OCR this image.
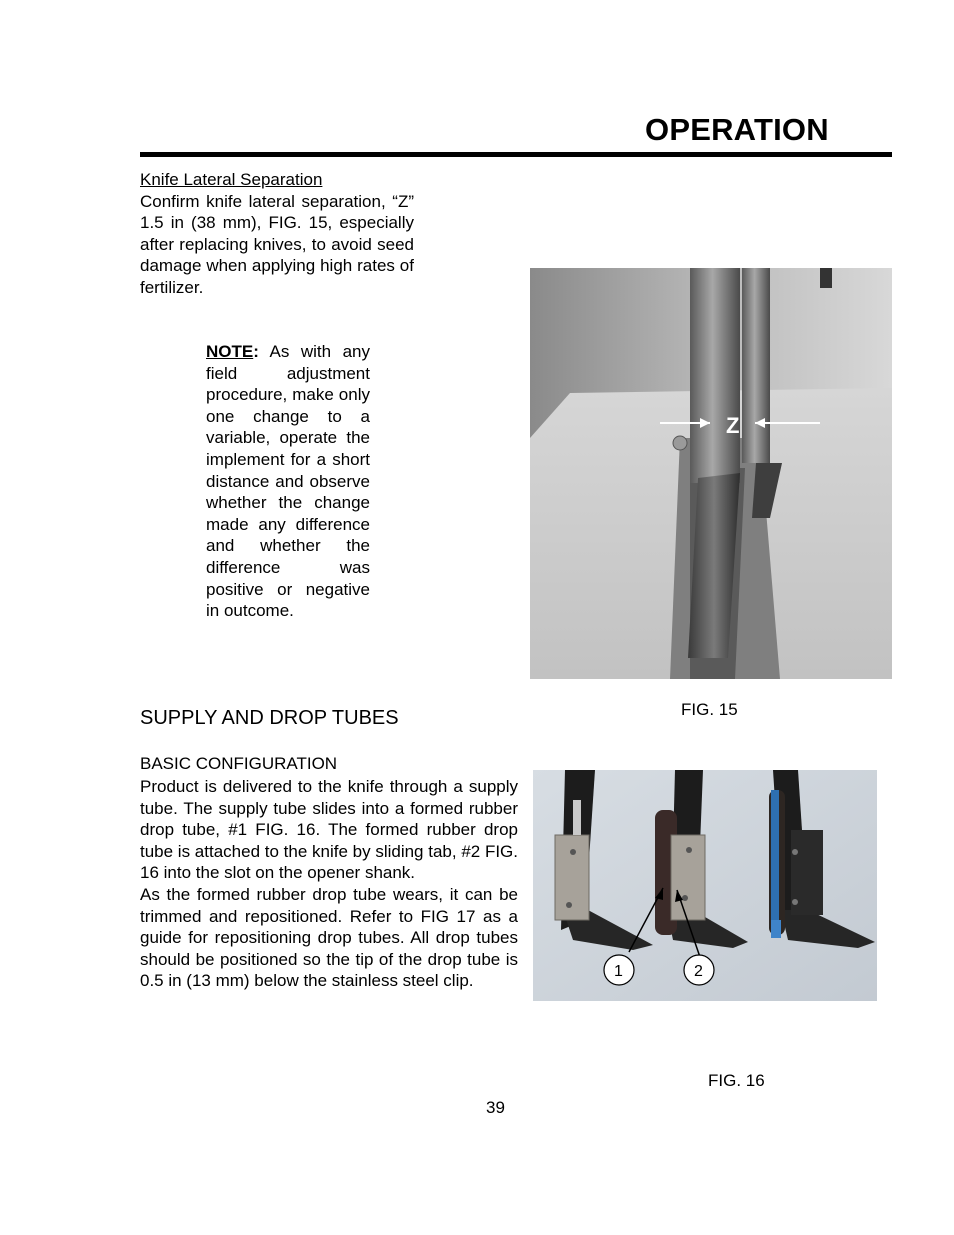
OPERATION
Knife Lateral Separation
Confirm knife lateral separation, “Z” 1.5 in (38 mm), FIG. 15, especially after replacing knives, to avoid seed damage when applying high rates of fertilizer.
NOTE: As with any field adjustment procedure, make only one change to a variable, operate the implement for a short distance and observe whether the change made any difference and whether the difference was positive or negative in outcome.
Z
FIG. 15
SUPPLY AND DROP TUBES
BASIC CONFIGURATION
Product is delivered to the knife through a supply tube. The supply tube slides into a formed rubber drop tube, #1 FIG. 16. The formed rubber drop tube is attached to the knife by sliding tab, #2 FIG. 16 into the slot on the opener shank.
As the formed rubber drop tube wears, it can be trimmed and repositioned. Refer to FIG 17 as a guide for repositioning drop tubes. All drop tubes should be positioned so the tip of the drop tube is 0.5 in (13 mm) below the stainless steel clip.	1	2
FIG. 16
39
